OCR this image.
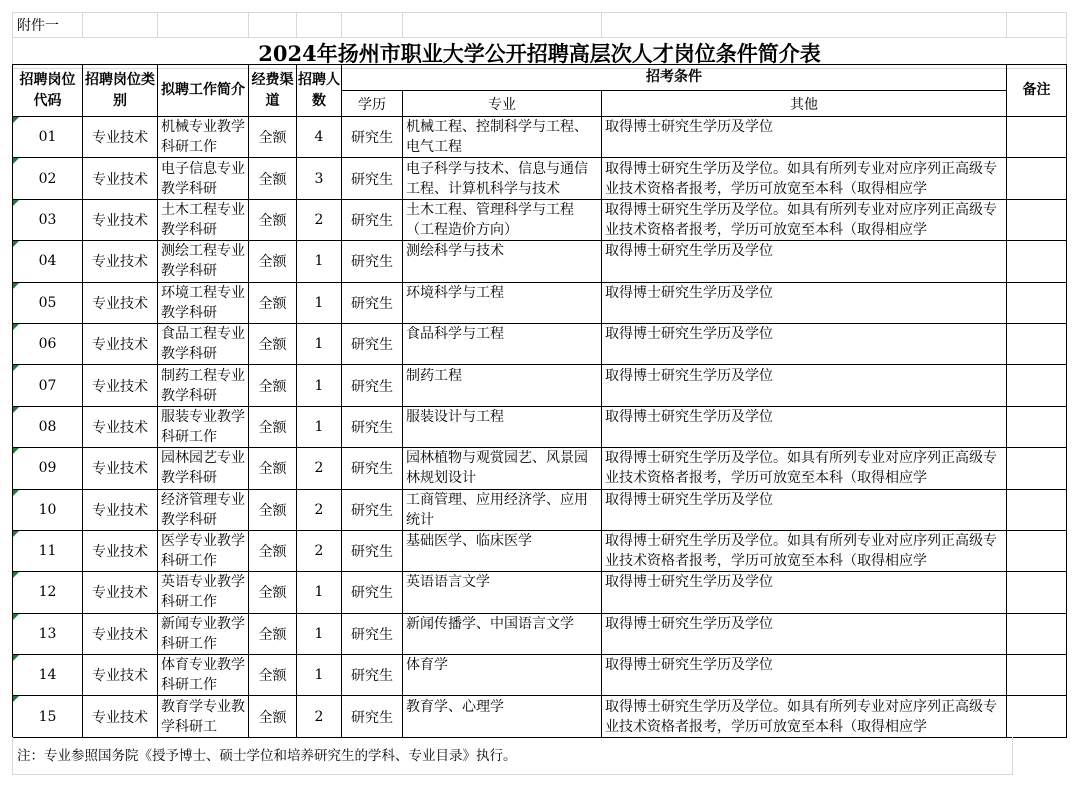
附件一								
2024年扬州市职业大学公开招聘高层次人才岗位条件简介表
招聘岗位代码	招聘岗位类别	拟聘工作简介	经费渠道	招聘人数	招考条件			备注
					学历	专业	其他	
01	专业技术	机械专业教学科研工作	全额	4	研究生	机械工程、控制科学与工程、电气工程	取得博士研究生学历及学位	

02	专业技术	电子信息专业教学科研	全额	3	研究生	电子科学与技术、信息与通信工程、计算机科学与技术	取得博士研究生学历及学位。如具有所列专业对应序列正高级专业技术资格者报考，学历可放宽至本科（取得相应学	

03	专业技术	土木工程专业教学科研	全额	2	研究生	土木工程、管理科学与工程（工程造价方向）	取得博士研究生学历及学位。如具有所列专业对应序列正高级专业技术资格者报考，学历可放宽至本科（取得相应学	

04	专业技术	测绘工程专业教学科研	全额	1	研究生	测绘科学与技术	取得博士研究生学历及学位	

05	专业技术	环境工程专业教学科研	全额	1	研究生	环境科学与工程	取得博士研究生学历及学位	

06	专业技术	食品工程专业教学科研	全额	1	研究生	食品科学与工程	取得博士研究生学历及学位	

07	专业技术	制药工程专业教学科研	全额	1	研究生	制药工程	取得博士研究生学历及学位	

08	专业技术	服装专业教学科研工作	全额	1	研究生	服装设计与工程	取得博士研究生学历及学位	

09	专业技术	园林园艺专业教学科研	全额	2	研究生	园林植物与观赏园艺、风景园林规划设计	取得博士研究生学历及学位。如具有所列专业对应序列正高级专业技术资格者报考，学历可放宽至本科（取得相应学	

10	专业技术	经济管理专业教学科研	全额	2	研究生	工商管理、应用经济学、应用统计	取得博士研究生学历及学位	

11	专业技术	医学专业教学科研工作	全额	2	研究生	基础医学、临床医学	取得博士研究生学历及学位。如具有所列专业对应序列正高级专业技术资格者报考，学历可放宽至本科（取得相应学	

12	专业技术	英语专业教学科研工作	全额	1	研究生	英语语言文学	取得博士研究生学历及学位	

13	专业技术	新闻专业教学科研工作	全额	1	研究生	新闻传播学、中国语言文学	取得博士研究生学历及学位	

14	专业技术	体育专业教学科研工作	全额	1	研究生	体育学	取得博士研究生学历及学位	

15	专业技术	教育学专业教学科研工	全额	2	研究生	教育学、心理学	取得博士研究生学历及学位。如具有所列专业对应序列正高级专业技术资格者报考，学历可放宽至本科（取得相应学	

注：专业参照国务院《授予博士、硕士学位和培养研究生的学科、专业目录》执行。
